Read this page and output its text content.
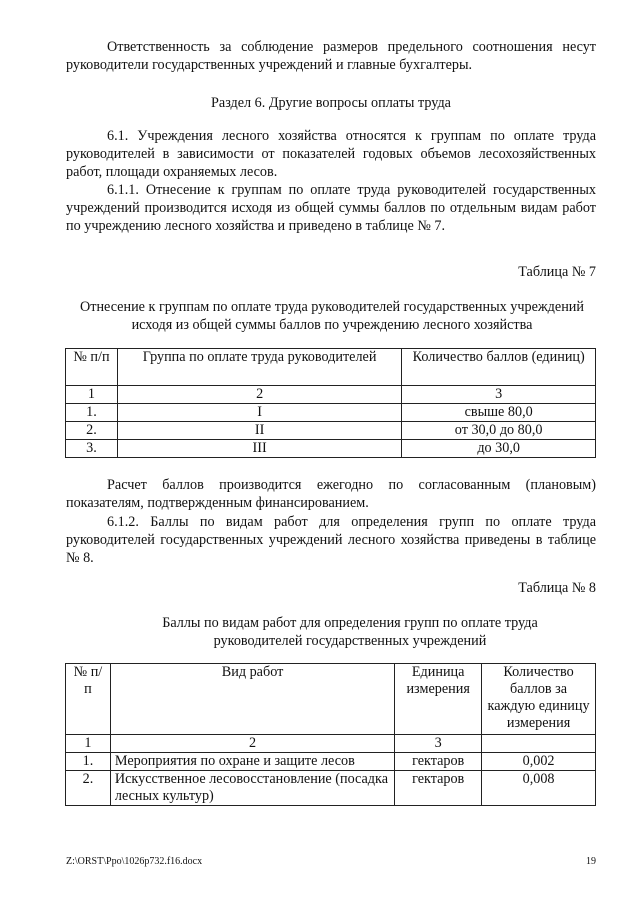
Ответственность за соблюдение размеров предельного соотношения несут руководители государственных учреждений и главные бухгалтеры.

Раздел 6. Другие вопросы оплаты труда

6.1. Учреждения лесного хозяйства относятся к группам по оплате труда руководителей в зависимости от показателей годовых объемов лесохозяйственных работ, площади охраняемых лесов.

6.1.1. Отнесение к группам по оплате труда руководителей государственных учреждений производится исходя из общей суммы баллов по отдельным видам работ по учреждению лесного хозяйства и приведено в таблице № 7.

Таблица № 7

Отнесение к группам по оплате труда руководителей государственных учреждений исходя из общей суммы баллов по учреждению лесного хозяйства

№ п/п	Группа по оплате труда руководителей	Количество баллов (единиц)
1	2	3
1.	I	свыше 80,0
2.	II	от 30,0 до 80,0
3.	III	до 30,0

Расчет баллов производится ежегодно по согласованным (плановым) показателям, подтвержденным финансированием.

6.1.2. Баллы по видам работ для определения групп по оплате труда руководителей государственных учреждений лесного хозяйства приведены в таблице № 8.

Таблица № 8

Баллы по видам работ для определения групп по оплате труда руководителей государственных учреждений

№ п/п	Вид работ	Единица измерения	Количество баллов за каждую единицу измерения
1	2	3	
1.	Мероприятия по охране и защите лесов	гектаров	0,002
2.	Искусственное лесовосстановление (посадка лесных культур)	гектаров	0,008
Z:\ORST\Ppo\1026p732.f16.docx	19
